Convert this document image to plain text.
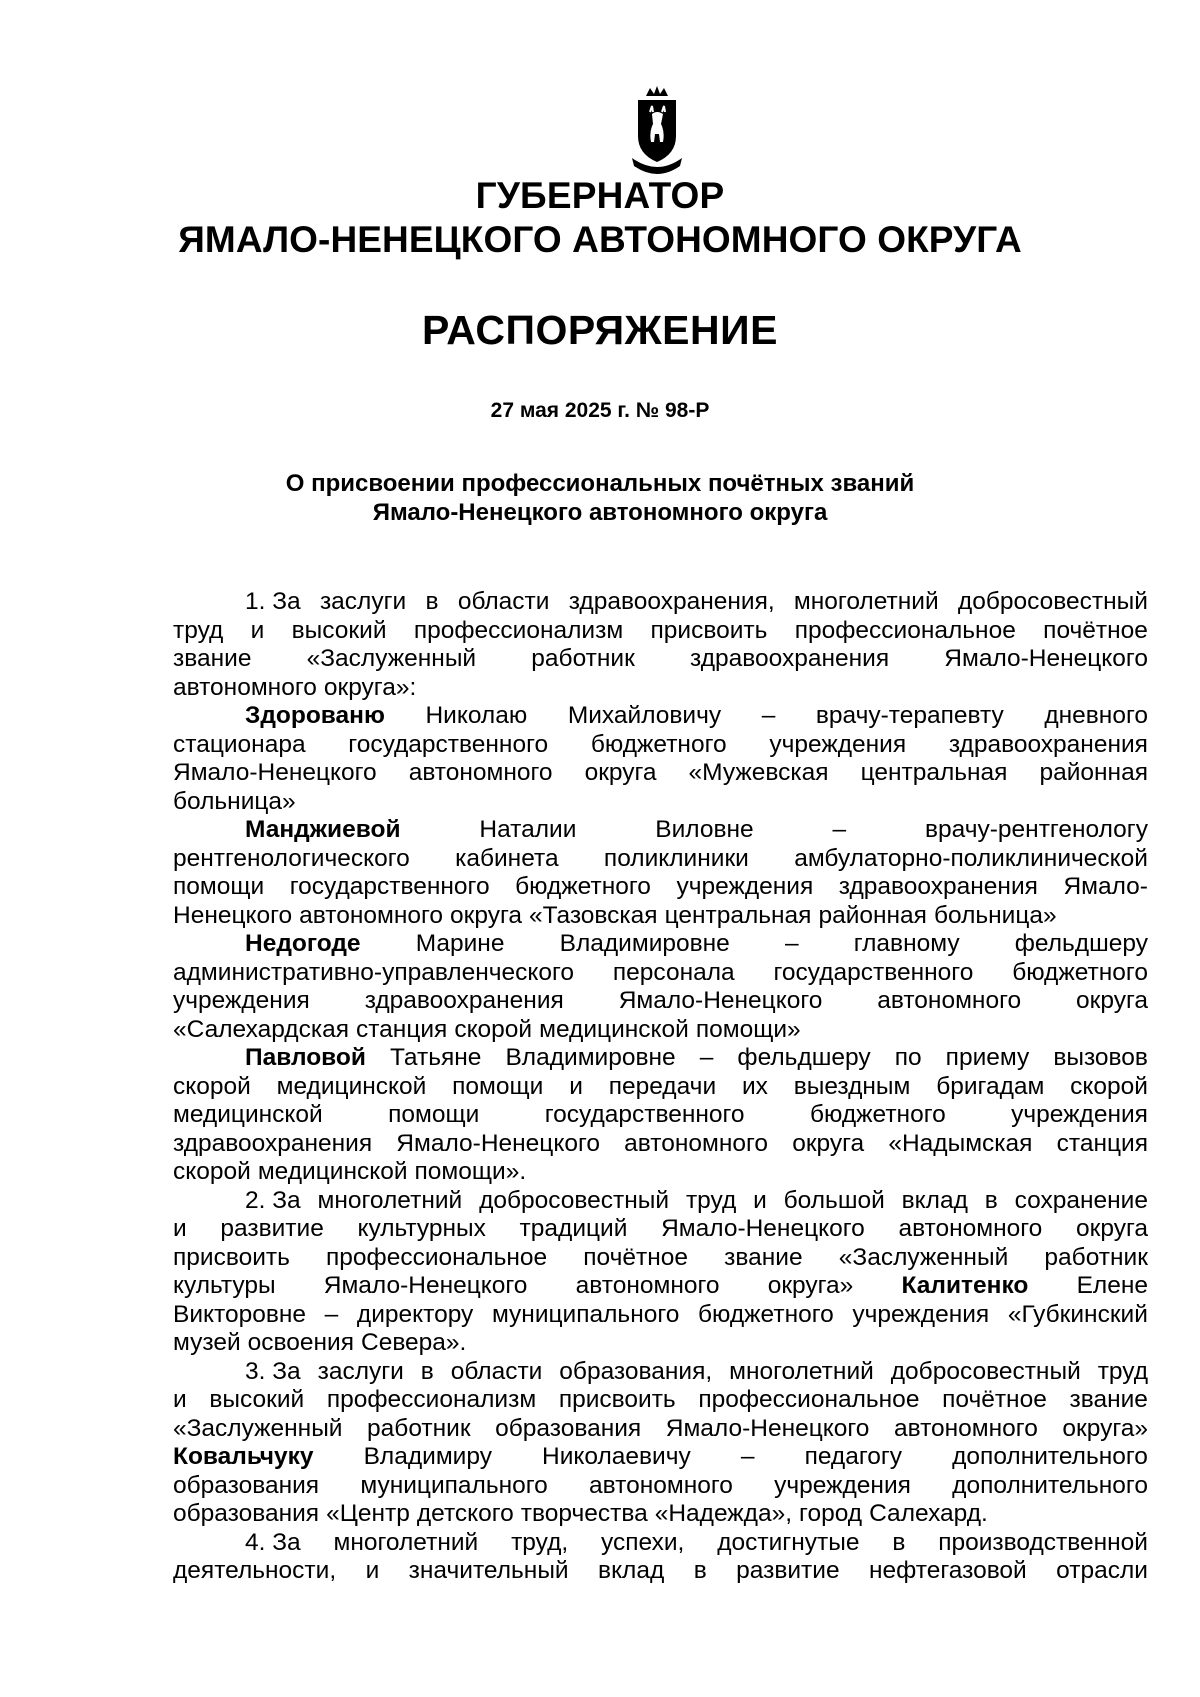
ГУБЕРНАТОР
ЯМАЛО-НЕНЕЦКОГО АВТОНОМНОГО ОКРУГА
РАСПОРЯЖЕНИЕ
27 мая 2025 г. № 98-Р
О присвоении профессиональных почётных званий
Ямало-Ненецкого автономного округа
1. За заслуги в области здравоохранения, многолетний добросовестный
труд и высокий профессионализм присвоить профессиональное почётное
звание «Заслуженный работник здравоохранения Ямало-Ненецкого
автономного округа»:
Здорованю Николаю Михайловичу – врачу-терапевту дневного
стационара государственного бюджетного учреждения здравоохранения
Ямало-Ненецкого автономного округа «Мужевская центральная районная
больница»
Манджиевой	Наталии	Виловне	–	врачу-рентгенологу
рентгенологического кабинета поликлиники амбулаторно-поликлинической
помощи государственного бюджетного учреждения здравоохранения Ямало-
Ненецкого автономного округа «Тазовская центральная районная больница»
Недогоде Марине Владимировне – главному фельдшеру
административно-управленческого персонала государственного бюджетного
учреждения здравоохранения Ямало-Ненецкого автономного округа
«Салехардская станция скорой медицинской помощи»
Павловой Татьяне Владимировне – фельдшеру по приему вызовов
скорой медицинской помощи и передачи их выездным бригадам скорой
медицинской	помощи	государственного	бюджетного	учреждения
здравоохранения Ямало-Ненецкого автономного округа «Надымская станция
скорой медицинской помощи».
2. За многолетний добросовестный труд и большой вклад в сохранение
и развитие культурных традиций Ямало-Ненецкого автономного округа
присвоить профессиональное почётное звание «Заслуженный работник
культуры Ямало-Ненецкого автономного округа» Калитенко Елене
Викторовне – директору муниципального бюджетного учреждения «Губкинский
музей освоения Севера».
3. За заслуги в области образования, многолетний добросовестный труд
и высокий профессионализм присвоить профессиональное почётное звание
«Заслуженный работник образования Ямало-Ненецкого автономного округа»
Ковальчуку Владимиру Николаевичу – педагогу дополнительного
образования муниципального автономного учреждения дополнительного
образования «Центр детского творчества «Надежда», город Салехард.
4. За многолетний труд, успехи, достигнутые в производственной
деятельности, и значительный вклад в развитие нефтегазовой отрасли
